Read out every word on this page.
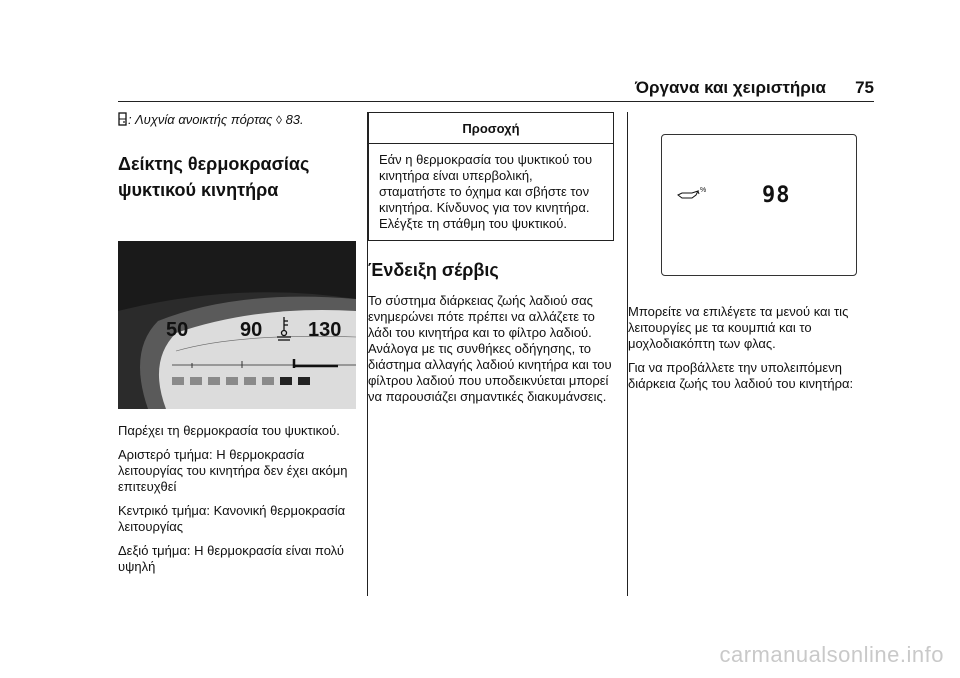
Όργανα και χειριστήρια 75
: Λυχνία ανοικτής πόρτας ◊ 83.
Δείκτης θερμοκρασίας
ψυκτικού κινητήρα
50	90 130

Παρέχει τη θερμοκρασία του ψυκτικού.

Αριστερό τμήμα: Η θερμοκρασία λειτουργίας του κινητήρα δεν έχει ακόμη επιτευχθεί

Κεντρικό τμήμα: Κανονική θερμοκρασία λειτουργίας

Δεξιό τμήμα: Η θερμοκρασία είναι πολύ υψηλή

Προσοχή
Εάν η θερμοκρασία του ψυκτικού του κινητήρα είναι υπερβολική, σταματήστε το όχημα και σβήστε τον κινητήρα. Κίνδυνος για τον κινητήρα. Ελέγξτε τη στάθμη του ψυκτικού.
Ένδειξη σέρβις

Το σύστημα διάρκειας ζωής λαδιού σας ενημερώνει πότε πρέπει να αλλάζετε το λάδι του κινητήρα και το φίλτρο λαδιού. Ανάλογα με τις συνθήκες οδήγησης, το διάστημα αλλαγής λαδιού κινητήρα και του φίλτρου λαδιού που υποδεικνύεται μπορεί να παρουσιάζει σημαντικές διακυμάνσεις.

%	98

Μπορείτε να επιλέγετε τα μενού και τις λειτουργίες με τα κουμπιά και το μοχλοδιακόπτη των φλας.

Για να προβάλλετε την υπολειπόμενη διάρκεια ζωής του λαδιού του κινητήρα:

carmanualsonline.info
